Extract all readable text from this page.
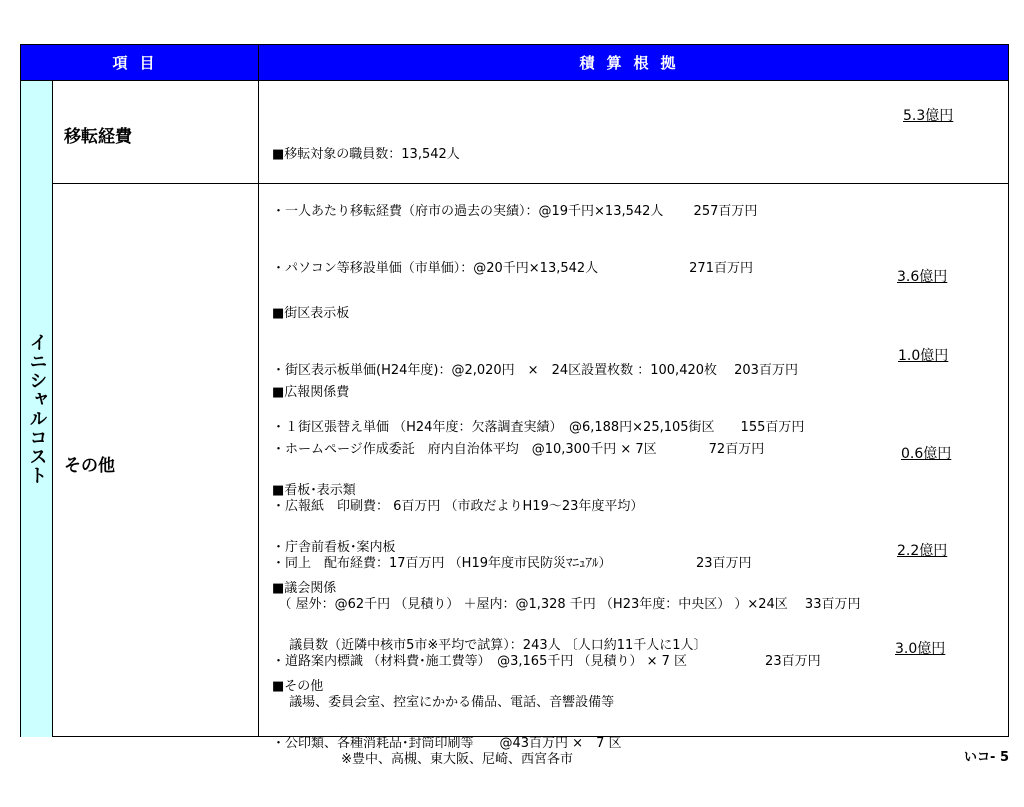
項目	積算根拠
イニシャルコスト
移転経費

■移転対象の職員数：13,542人

・一人あたり移転経費（府市の過去の実績）：@19千円×13,542人　　 257百万円

・パソコン等移設単価（市単価）：@20千円×13,542人　　　　　　　271百万円

5.3億円
その他

■街区表示板

・街区表示板単価(H24年度)：@2,020円　×　24区設置枚数 ：100,420枚　 203百万円

・１街区張替え単価 （H24年度：欠落調査実績）　@6,188円×25,105街区　　155百万円

3.6億円

■広報関係費

・ホームページ作成委託　府内自治体平均　@10,300千円 × 7区　　　　72百万円

・広報紙　印刷費： 6百万円 （市政だよりH19～23年度平均）

・同上　配布経費：17百万円 （H19年度市民防災ﾏﾆｭｱﾙ）　　　　　　　23百万円

1.0億円

■看板･表示類

・庁舎前看板･案内板

　（ 屋外：@62千円 （見積り） ＋屋内：@1,328 千円 （H23年度：中央区） ）×24区　 33百万円

・道路案内標識 （材料費･施工費等）　@3,165千円 （見積り） × 7 区　　　　　　23百万円

0.6億円

■議会関係

　 議員数（近隣中核市5市※平均で試算）：243人 〔人口約11千人に1人〕

　 議場、委員会室、控室にかかる備品、電話、音響設備等

　　　　　 ※豊中、高槻、東大阪、尼崎、西宮各市

2.2億円

■その他

・公印類、各種消耗品･封筒印刷等　　@43百万円 ×　7 区

3.0億円
いコ- 5
